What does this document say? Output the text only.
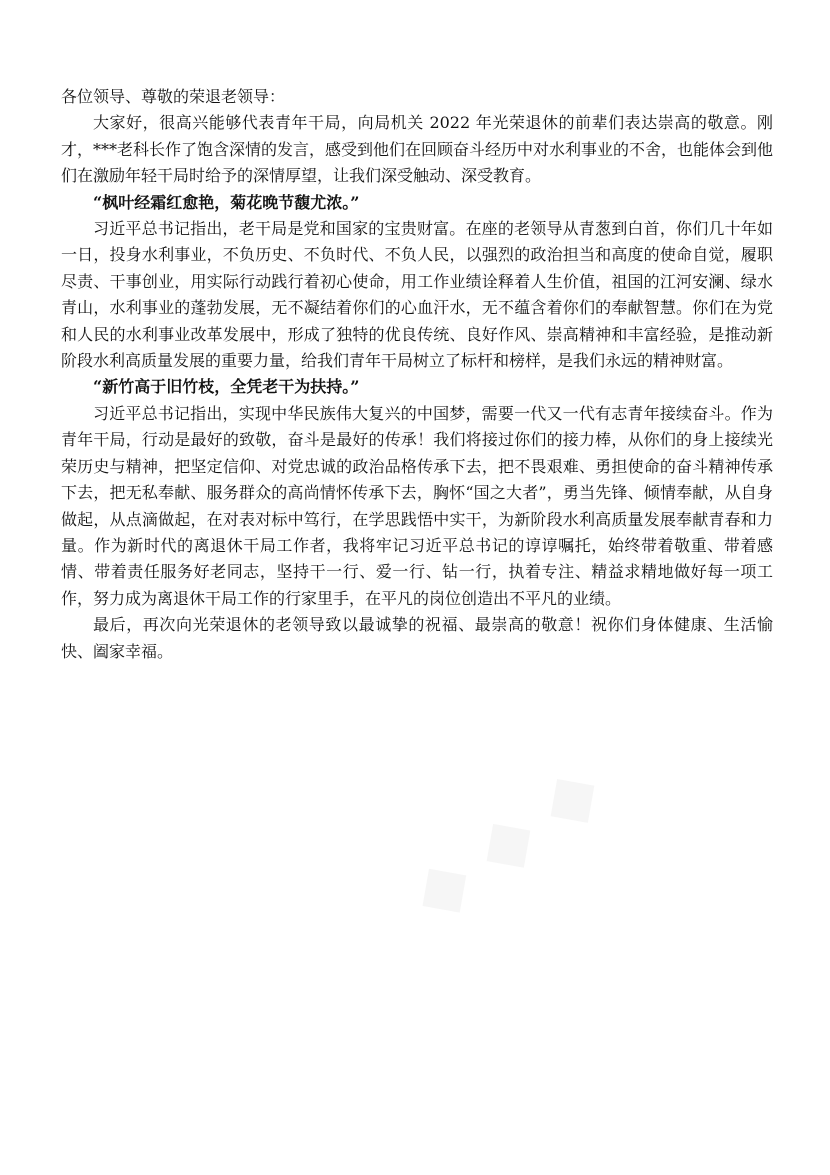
各位领导、尊敬的荣退老领导：

大家好，很高兴能够代表青年干局，向局机关 2022 年光荣退休的前辈们表达崇高的敬意。刚才，***老科长作了饱含深情的发言，感受到他们在回顾奋斗经历中对水利事业的不舍，也能体会到他们在激励年轻干局时给予的深情厚望，让我们深受触动、深受教育。

“枫叶经霜红愈艳，菊花晚节馥尤浓。”

习近平总书记指出，老干局是党和国家的宝贵财富。在座的老领导从青葱到白首，你们几十年如一日，投身水利事业，不负历史、不负时代、不负人民，以强烈的政治担当和高度的使命自觉，履职尽责、干事创业，用实际行动践行着初心使命，用工作业绩诠释着人生价值，祖国的江河安澜、绿水青山，水利事业的蓬勃发展，无不凝结着你们的心血汗水，无不蕴含着你们的奉献智慧。你们在为党和人民的水利事业改革发展中，形成了独特的优良传统、良好作风、崇高精神和丰富经验，是推动新阶段水利高质量发展的重要力量，给我们青年干局树立了标杆和榜样，是我们永远的精神财富。

“新竹高于旧竹枝，全凭老干为扶持。”

习近平总书记指出，实现中华民族伟大复兴的中国梦，需要一代又一代有志青年接续奋斗。作为青年干局，行动是最好的致敬，奋斗是最好的传承！我们将接过你们的接力棒，从你们的身上接续光荣历史与精神，把坚定信仰、对党忠诚的政治品格传承下去，把不畏艰难、勇担使命的奋斗精神传承下去，把无私奉献、服务群众的高尚情怀传承下去，胸怀“国之大者”，勇当先锋、倾情奉献，从自身做起，从点滴做起，在对表对标中笃行，在学思践悟中实干，为新阶段水利高质量发展奉献青春和力量。作为新时代的离退休干局工作者，我将牢记习近平总书记的谆谆嘱托，始终带着敬重、带着感情、带着责任服务好老同志，坚持干一行、爱一行、钻一行，执着专注、精益求精地做好每一项工作，努力成为离退休干局工作的行家里手，在平凡的岗位创造出不平凡的业绩。

最后，再次向光荣退休的老领导致以最诚挚的祝福、最崇高的敬意！祝你们身体健康、生活愉快、阖家幸福。
